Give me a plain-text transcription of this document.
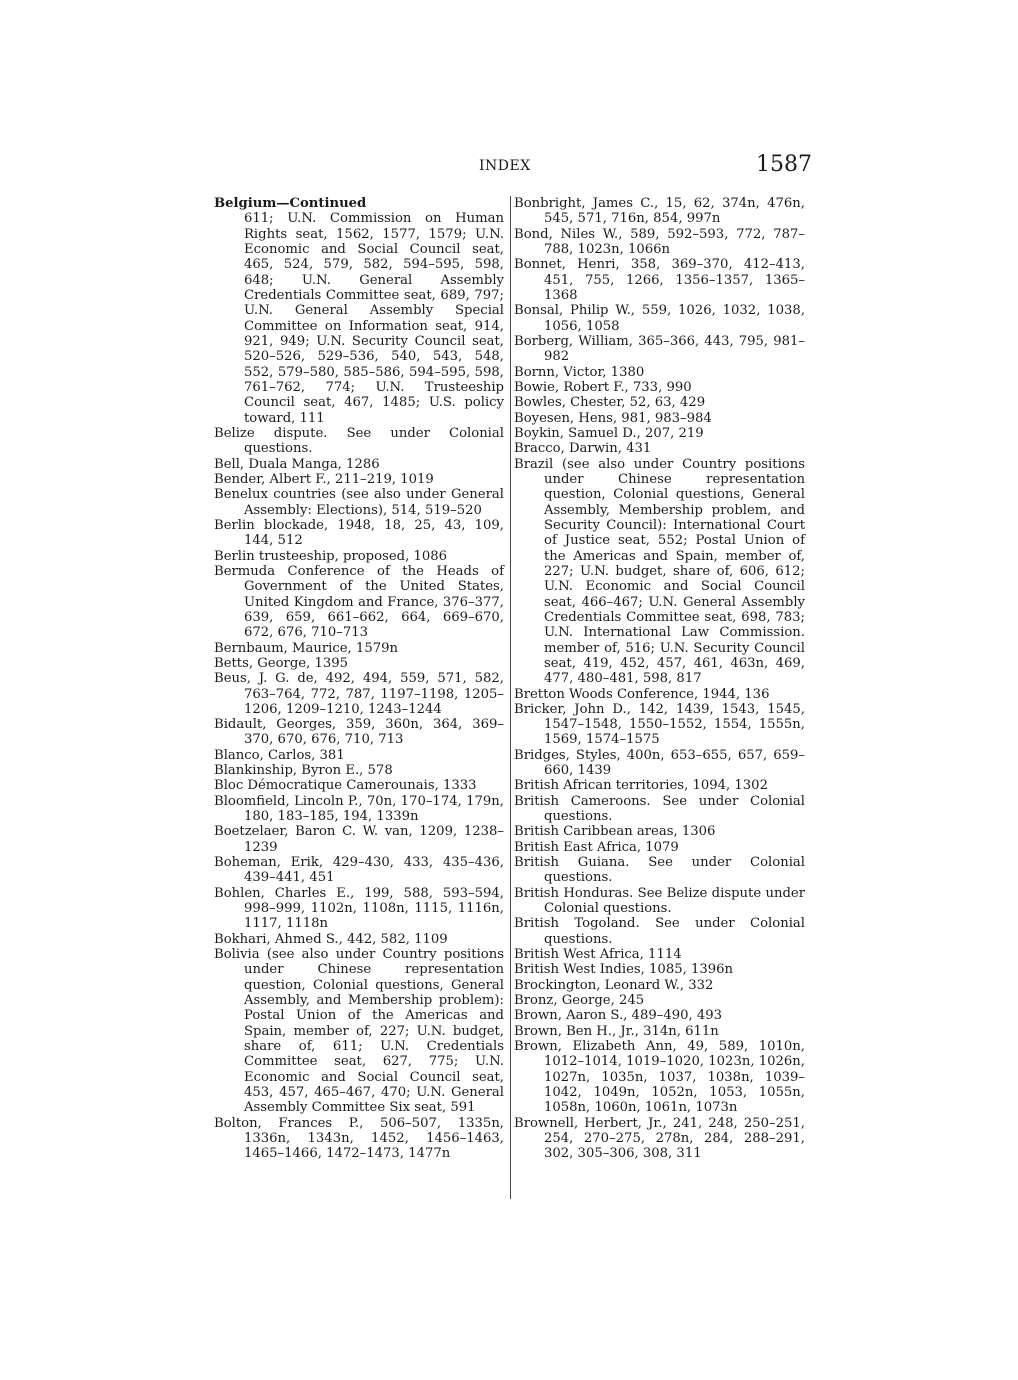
INDEX	1587

Belgium—Continued

611; U.N. Commission on Human Rights seat, 1562, 1577, 1579; U.N. Economic and Social Council seat, 465, 524, 579, 582, 594–595, 598, 648; U.N. General Assembly Credentials Committee seat, 689, 797; U.N. General Assembly Special Committee on Information seat, 914, 921, 949; U.N. Security Council seat, 520–526, 529–536, 540, 543, 548, 552, 579–580, 585–586, 594–595, 598, 761–762, 774; U.N. Trusteeship Council seat, 467, 1485; U.S. policy toward, 111

Belize dispute. See under Colonial questions.

Bell, Duala Manga, 1286

Bender, Albert F., 211–219, 1019

Benelux countries (see also under General Assembly: Elections), 514, 519–520

Berlin blockade, 1948, 18, 25, 43, 109, 144, 512

Berlin trusteeship, proposed, 1086

Bermuda Conference of the Heads of Government of the United States, United Kingdom and France, 376–377, 639, 659, 661–662, 664, 669–670, 672, 676, 710–713

Bernbaum, Maurice, 1579n

Betts, George, 1395

Beus, J. G. de, 492, 494, 559, 571, 582, 763–764, 772, 787, 1197–1198, 1205–1206, 1209–1210, 1243–1244

Bidault, Georges, 359, 360n, 364, 369–370, 670, 676, 710, 713

Blanco, Carlos, 381

Blankinship, Byron E., 578

Bloc Démocratique Camerounais, 1333

Bloomfield, Lincoln P., 70n, 170–174, 179n, 180, 183–185, 194, 1339n

Boetzelaer, Baron C. W. van, 1209, 1238–1239

Boheman, Erik, 429–430, 433, 435–436, 439–441, 451

Bohlen, Charles E., 199, 588, 593–594, 998–999, 1102n, 1108n, 1115, 1116n, 1117, 1118n

Bokhari, Ahmed S., 442, 582, 1109

Bolivia (see also under Country positions under Chinese representation question, Colonial questions, General Assembly, and Membership problem): Postal Union of the Americas and Spain, member of, 227; U.N. budget, share of, 611; U.N. Credentials Committee seat, 627, 775; U.N. Economic and Social Council seat, 453, 457, 465–467, 470; U.N. General Assembly Committee Six seat, 591

Bolton, Frances P., 506–507, 1335n, 1336n, 1343n, 1452, 1456–1463, 1465–1466, 1472–1473, 1477n

Bonbright, James C., 15, 62, 374n, 476n, 545, 571, 716n, 854, 997n

Bond, Niles W., 589, 592–593, 772, 787–788, 1023n, 1066n

Bonnet, Henri, 358, 369–370, 412–413, 451, 755, 1266, 1356–1357, 1365–1368

Bonsal, Philip W., 559, 1026, 1032, 1038, 1056, 1058

Borberg, William, 365–366, 443, 795, 981–982

Bornn, Victor, 1380

Bowie, Robert F., 733, 990

Bowles, Chester, 52, 63, 429

Boyesen, Hens, 981, 983–984

Boykin, Samuel D., 207, 219

Bracco, Darwin, 431

Brazil (see also under Country positions under Chinese representation question, Colonial questions, General Assembly, Membership problem, and Security Council): International Court of Justice seat, 552; Postal Union of the Americas and Spain, member of, 227; U.N. budget, share of, 606, 612; U.N. Economic and Social Council seat, 466–467; U.N. General Assembly Credentials Committee seat, 698, 783; U.N. International Law Commission. member of, 516; U.N. Security Council seat, 419, 452, 457, 461, 463n, 469, 477, 480–481, 598, 817

Bretton Woods Conference, 1944, 136

Bricker, John D., 142, 1439, 1543, 1545, 1547–1548, 1550–1552, 1554, 1555n, 1569, 1574–1575

Bridges, Styles, 400n, 653–655, 657, 659–660, 1439

British African territories, 1094, 1302

British Cameroons. See under Colonial questions.

British Caribbean areas, 1306

British East Africa, 1079

British Guiana. See under Colonial questions.

British Honduras. See Belize dispute under Colonial questions.

British Togoland. See under Colonial questions.

British West Africa, 1114

British West Indies, 1085, 1396n

Brockington, Leonard W., 332

Bronz, George, 245

Brown, Aaron S., 489–490, 493

Brown, Ben H., Jr., 314n, 611n

Brown, Elizabeth Ann, 49, 589, 1010n, 1012–1014, 1019–1020, 1023n, 1026n, 1027n, 1035n, 1037, 1038n, 1039–1042, 1049n, 1052n, 1053, 1055n, 1058n, 1060n, 1061n, 1073n

Brownell, Herbert, Jr., 241, 248, 250–251, 254, 270–275, 278n, 284, 288–291, 302, 305–306, 308, 311
